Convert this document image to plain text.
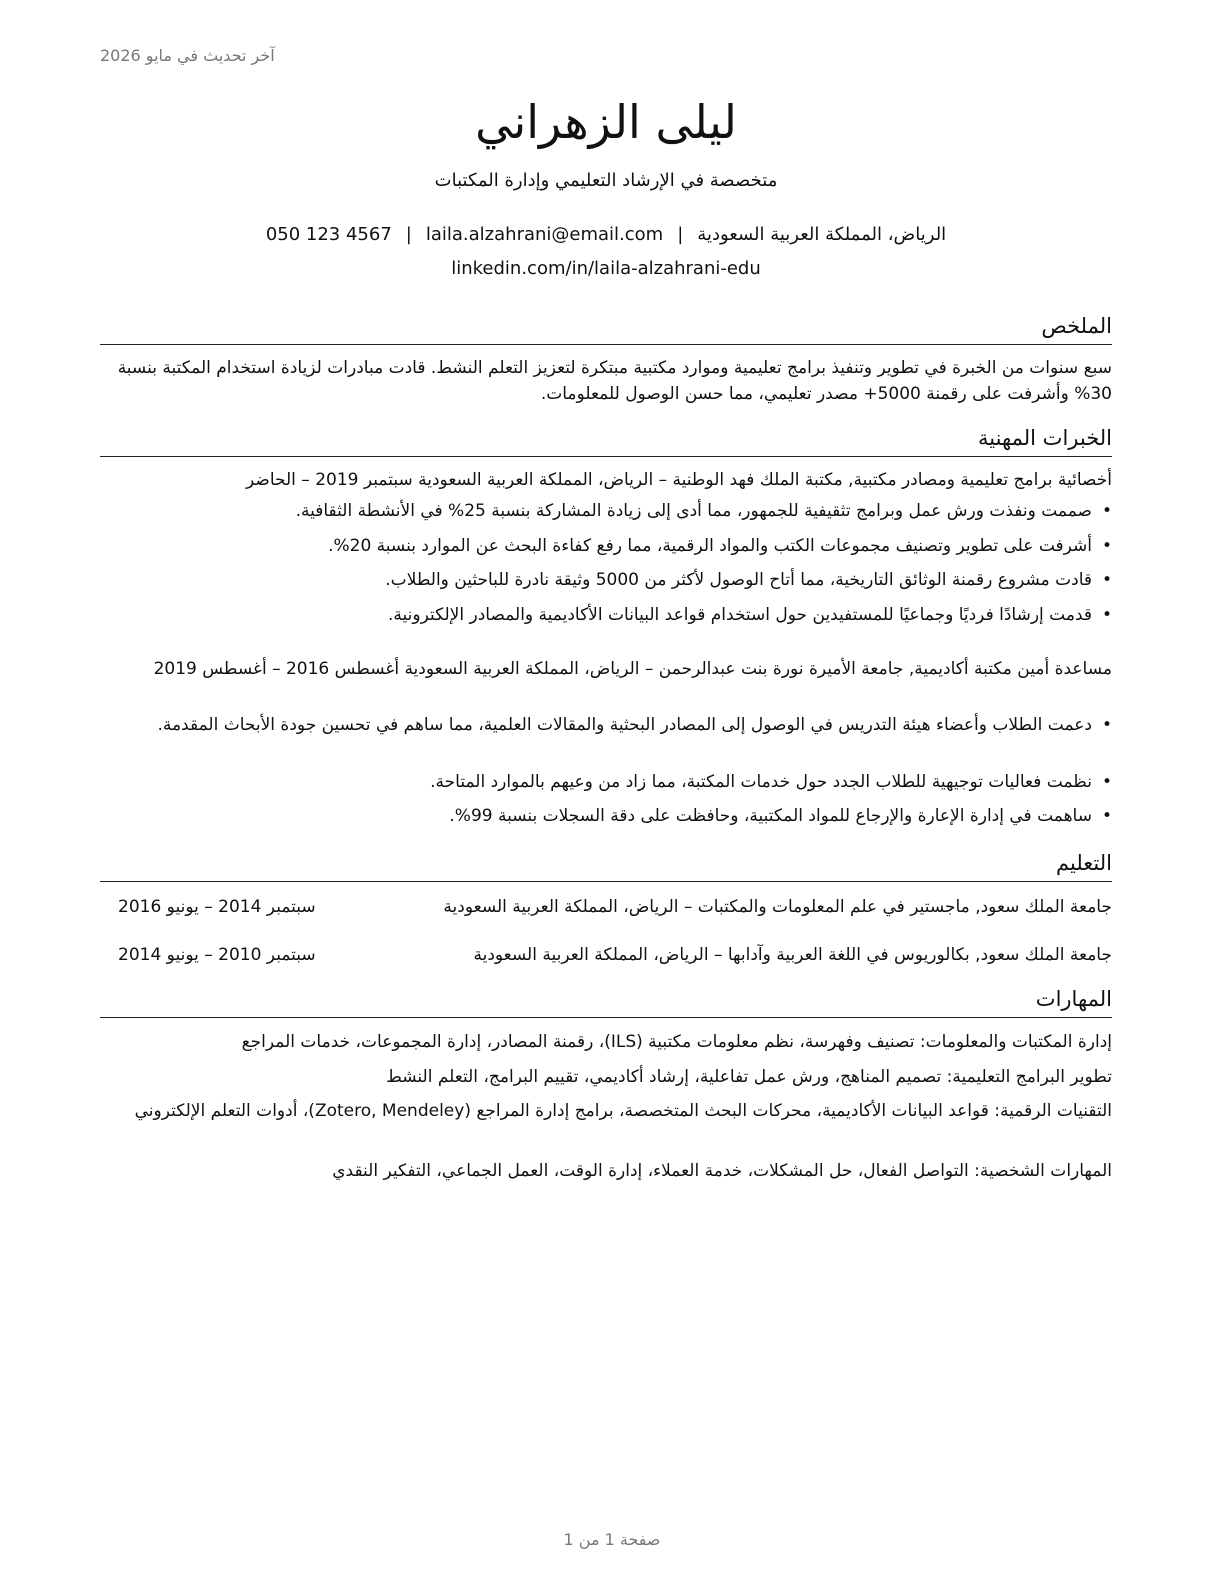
آخر تحديث في مايو 2026
ليلى الزهراني
متخصصة في الإرشاد التعليمي وإدارة المكتبات
الرياض، المملكة العربية السعودية|laila.alzahrani@email.com|050 123 4567
linkedin.com/in/laila-alzahrani-edu
الملخص
سبع سنوات من الخبرة في تطوير وتنفيذ برامج تعليمية وموارد مكتبية مبتكرة لتعزيز التعلم النشط. قادت مبادرات لزيادة استخدام المكتبة بنسبة 30% وأشرفت على رقمنة 5000+ مصدر تعليمي، مما حسن الوصول للمعلومات.
الخبرات المهنية
أخصائية برامج تعليمية ومصادر مكتبية, مكتبة الملك فهد الوطنية – الرياض، المملكة العربية السعودية سبتمبر 2019 – الحاضر
•
صممت ونفذت ورش عمل وبرامج تثقيفية للجمهور، مما أدى إلى زيادة المشاركة بنسبة 25% في الأنشطة الثقافية.
•
أشرفت على تطوير وتصنيف مجموعات الكتب والمواد الرقمية، مما رفع كفاءة البحث عن الموارد بنسبة 20%.
•
قادت مشروع رقمنة الوثائق التاريخية، مما أتاح الوصول لأكثر من 5000 وثيقة نادرة للباحثين والطلاب.
•
قدمت إرشادًا فرديًا وجماعيًا للمستفيدين حول استخدام قواعد البيانات الأكاديمية والمصادر الإلكترونية.
مساعدة أمين مكتبة أكاديمية, جامعة الأميرة نورة بنت عبدالرحمن – الرياض، المملكة العربية السعودية أغسطس 2016 – أغسطس 2019
•
دعمت الطلاب وأعضاء هيئة التدريس في الوصول إلى المصادر البحثية والمقالات العلمية، مما ساهم في تحسين جودة الأبحاث المقدمة.
•
نظمت فعاليات توجيهية للطلاب الجدد حول خدمات المكتبة، مما زاد من وعيهم بالموارد المتاحة.
•
ساهمت في إدارة الإعارة والإرجاع للمواد المكتبية، وحافظت على دقة السجلات بنسبة 99%.
التعليم
جامعة الملك سعود, ماجستير في علم المعلومات والمكتبات – الرياض، المملكة العربية السعودية
سبتمبر 2014 – يونيو 2016
جامعة الملك سعود, بكالوريوس في اللغة العربية وآدابها – الرياض، المملكة العربية السعودية
سبتمبر 2010 – يونيو 2014
المهارات
إدارة المكتبات والمعلومات: تصنيف وفهرسة، نظم معلومات مكتبية (ILS)، رقمنة المصادر، إدارة المجموعات، خدمات المراجع
تطوير البرامج التعليمية: تصميم المناهج، ورش عمل تفاعلية، إرشاد أكاديمي، تقييم البرامج، التعلم النشط
التقنيات الرقمية: قواعد البيانات الأكاديمية، محركات البحث المتخصصة، برامج إدارة المراجع (Zotero, Mendeley)، أدوات التعلم الإلكتروني
المهارات الشخصية: التواصل الفعال، حل المشكلات، خدمة العملاء، إدارة الوقت، العمل الجماعي، التفكير النقدي
صفحة 1 من 1
